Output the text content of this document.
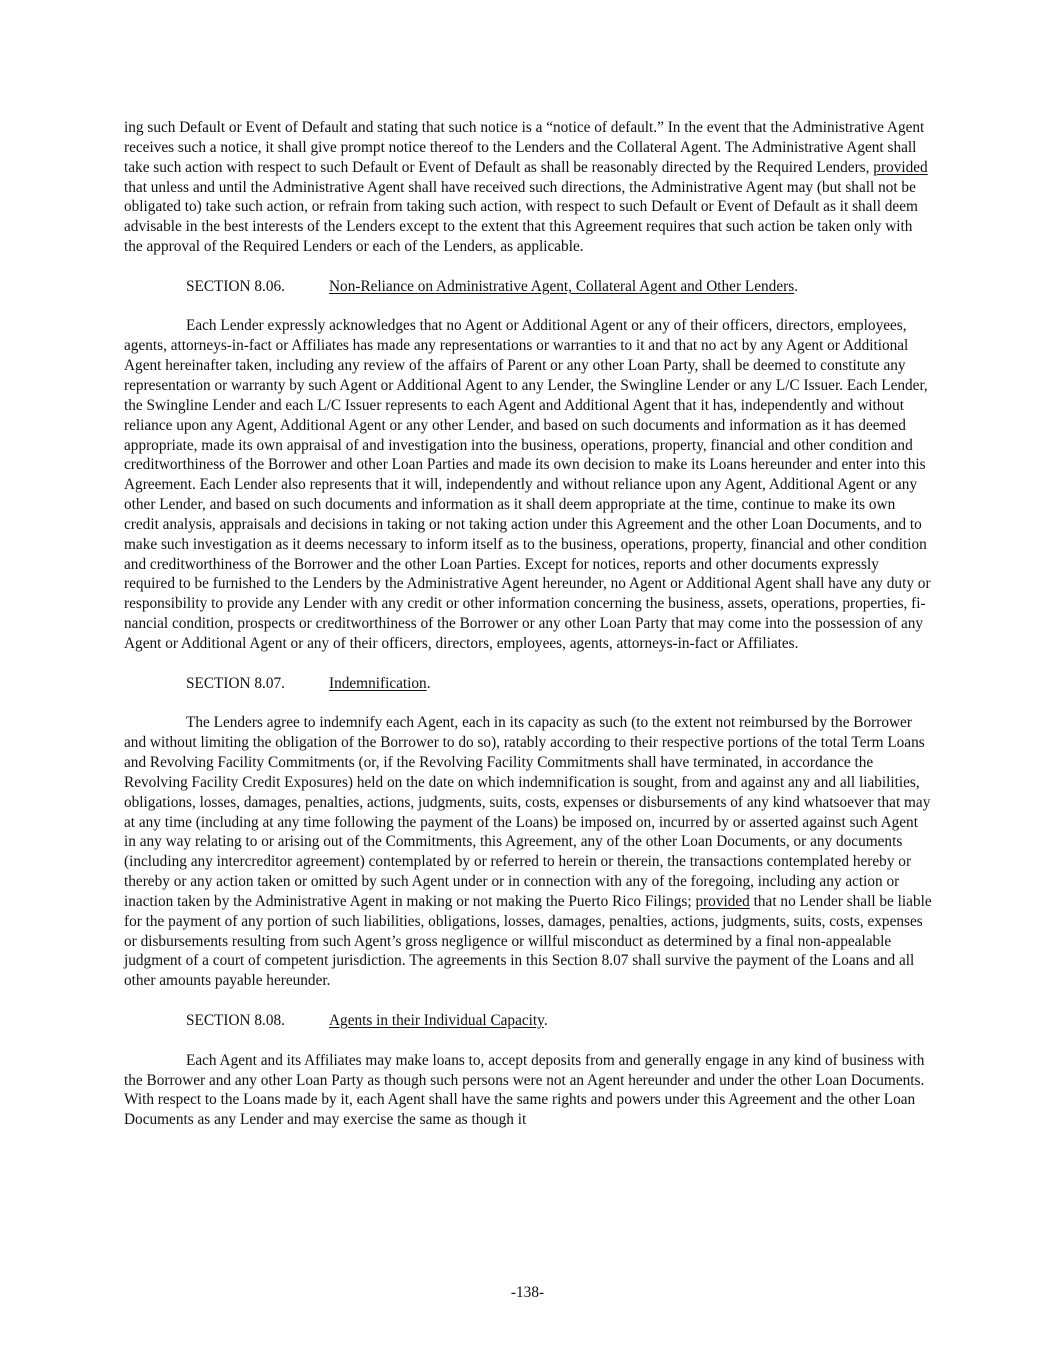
ing such Default or Event of Default and stating that such notice is a “notice of default.” In the event that the Administrative Agent receives such a notice, it shall give prompt notice thereof to the Lenders and the Collateral Agent. The Administrative Agent shall take such action with respect to such Default or Event of Default as shall be reasonably directed by the Required Lenders, provided that unless and until the Administrative Agent shall have received such directions, the Administrative Agent may (but shall not be obligated to) take such action, or refrain from taking such action, with respect to such Default or Event of Default as it shall deem advisable in the best interests of the Lenders except to the extent that this Agreement requires that such action be taken only with the approval of the Required Lenders or each of the Lenders, as applicable.

SECTION 8.06.	Non-Reliance on Administrative Agent, Collateral Agent and Other Lenders.

Each Lender expressly acknowledges that no Agent or Additional Agent or any of their officers, directors, employees, agents, attorneys-in-fact or Affiliates has made any representations or warranties to it and that no act by any Agent or Additional Agent hereinafter taken, including any review of the affairs of Parent or any other Loan Party, shall be deemed to constitute any representation or warranty by such Agent or Additional Agent to any Lender, the Swingline Lender or any L/C Issuer. Each Lender, the Swingline Lender and each L/C Issuer represents to each Agent and Additional Agent that it has, independently and without reliance upon any Agent, Additional Agent or any other Lender, and based on such documents and information as it has deemed appropriate, made its own appraisal of and investigation into the business, operations, property, financial and other condition and creditworthiness of the Borrower and other Loan Parties and made its own decision to make its Loans hereunder and enter into this Agreement. Each Lender also represents that it will, independently and without reliance upon any Agent, Additional Agent or any other Lender, and based on such documents and information as it shall deem appropriate at the time, continue to make its own credit analysis, appraisals and decisions in taking or not taking action under this Agreement and the other Loan Documents, and to make such investigation as it deems necessary to inform itself as to the business, operations, property, financial and other condition and creditworthiness of the Borrower and the other Loan Parties. Except for notices, reports and other documents expressly required to be furnished to the Lenders by the Administrative Agent hereunder, no Agent or Additional Agent shall have any duty or responsibility to provide any Lender with any credit or other information concerning the business, assets, operations, properties, financial condition, prospects or creditworthiness of the Borrower or any other Loan Party that may come into the possession of any Agent or Additional Agent or any of their officers, directors, employees, agents, attorneys-in-fact or Affiliates.

SECTION 8.07.	Indemnification.

The Lenders agree to indemnify each Agent, each in its capacity as such (to the extent not reimbursed by the Borrower and without limiting the obligation of the Borrower to do so), ratably according to their respective portions of the total Term Loans and Revolving Facility Commitments (or, if the Revolving Facility Commitments shall have terminated, in accordance the Revolving Facility Credit Exposures) held on the date on which indemnification is sought, from and against any and all liabilities, obligations, losses, damages, penalties, actions, judgments, suits, costs, expenses or disbursements of any kind whatsoever that may at any time (including at any time following the payment of the Loans) be imposed on, incurred by or asserted against such Agent in any way relating to or arising out of the Commitments, this Agreement, any of the other Loan Documents, or any documents (including any intercreditor agreement) contemplated by or referred to herein or therein, the transactions contemplated hereby or thereby or any action taken or omitted by such Agent under or in connection with any of the foregoing, including any action or inaction taken by the Administrative Agent in making or not making the Puerto Rico Filings; provided that no Lender shall be liable for the payment of any portion of such liabilities, obligations, losses, damages, penalties, actions, judgments, suits, costs, expenses or disbursements resulting from such Agent’s gross negligence or willful misconduct as determined by a final non-appealable judgment of a court of competent jurisdiction. The agreements in this Section 8.07 shall survive the payment of the Loans and all other amounts payable hereunder.

SECTION 8.08.	Agents in their Individual Capacity.

Each Agent and its Affiliates may make loans to, accept deposits from and generally engage in any kind of business with the Borrower and any other Loan Party as though such persons were not an Agent hereunder and under the other Loan Documents. With respect to the Loans made by it, each Agent shall have the same rights and powers under this Agreement and the other Loan Documents as any Lender and may exercise the same as though it

-138-
